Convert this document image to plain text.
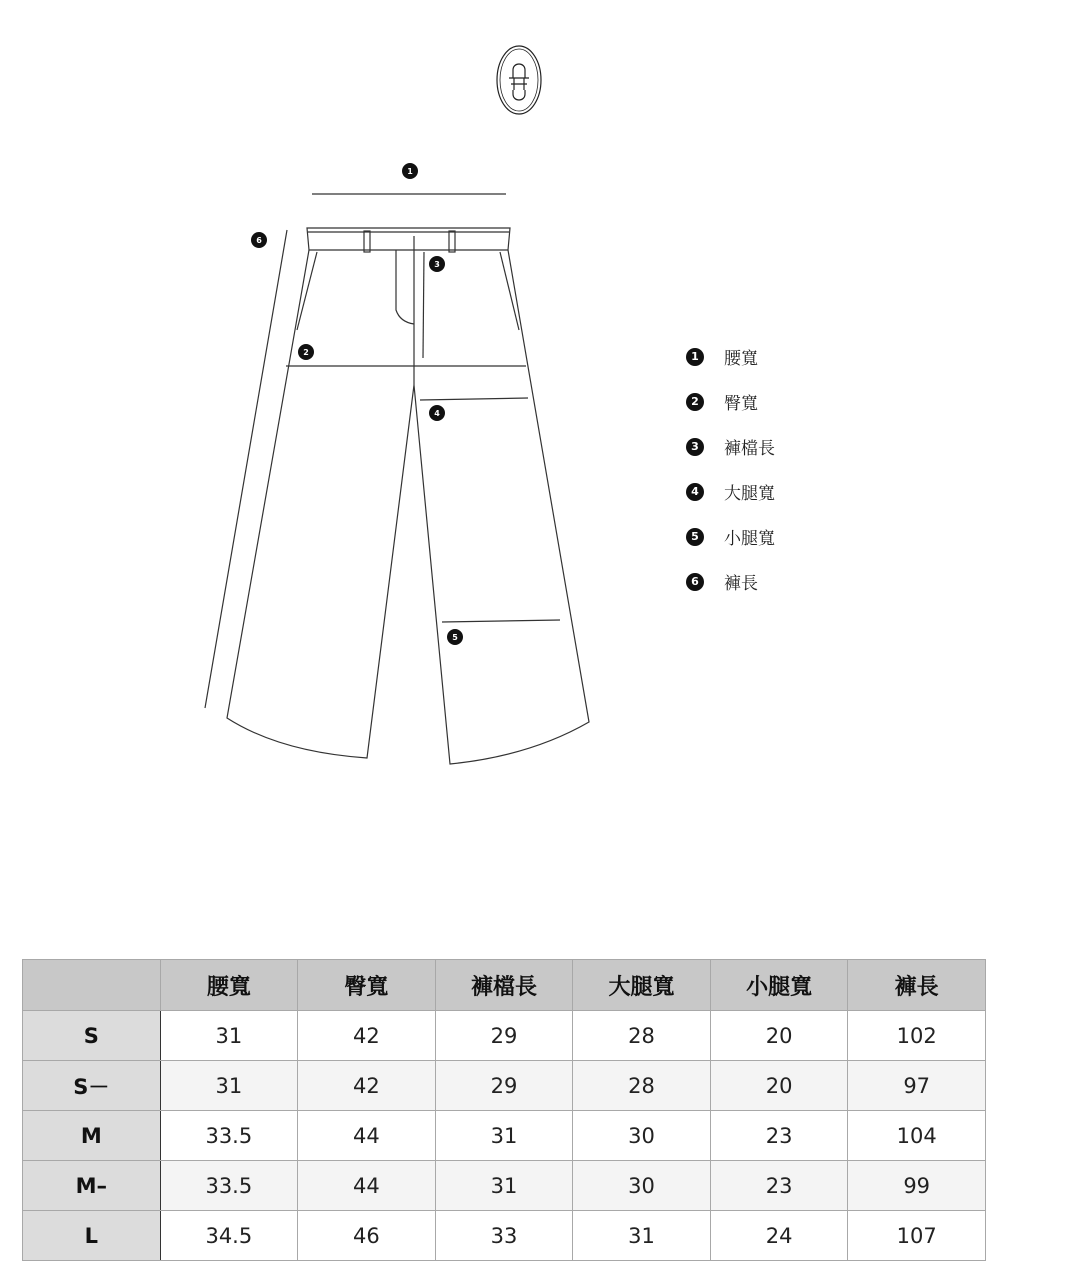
1
6
3
2
4
5
1	腰寬
2	臀寬
3	褲檔長
4	大腿寬
5	小腿寬
6	褲長
	腰寬	臀寬	褲檔長	大腿寬	小腿寬	褲長
S	31	42	29	28	20	102
S－	31	42	29	28	20	97
M	33.5	44	31	30	23	104
M–	33.5	44	31	30	23	99
L	34.5	46	33	31	24	107
